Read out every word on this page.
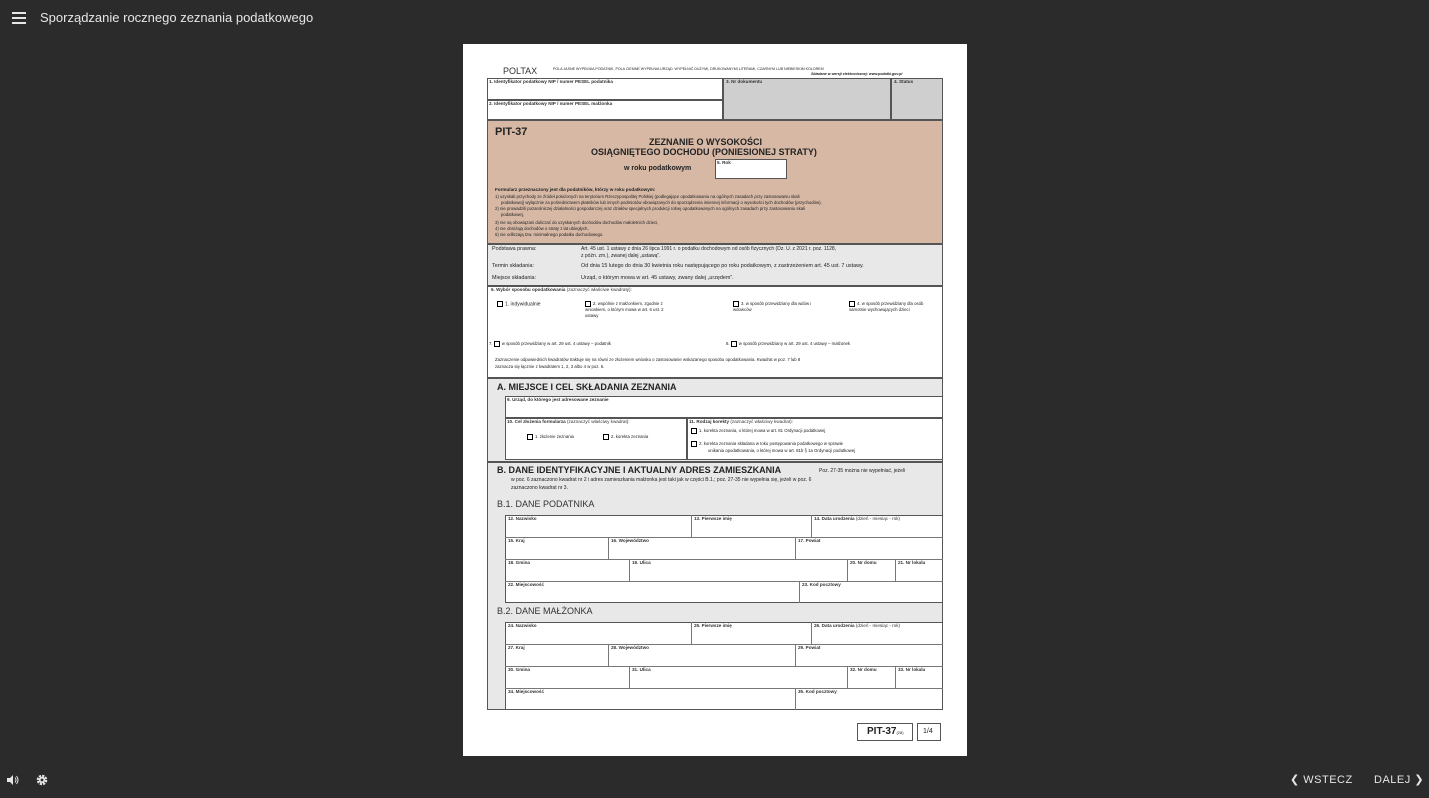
Sporządzanie rocznego zeznania podatkowego
POLTAX	POLA JASNE WYPEŁNIA PODATNIK, POLA CIEMNE WYPEŁNIA URZĄD. WYPEŁNIĆ DUŻYMI, DRUKOWANYMI LITERAMI, CZARNYM LUB NIEBIESKIM KOLOREM
Składane w wersji elektronicznej: www.podatki.gov.pl
1. Identyfikator podatkowy NIP / numer PESEL podatnika
2. Identyfikator podatkowy NIP / numer PESEL małżonka
3. Nr dokumentu	4. Status
PIT-37
ZEZNANIE O WYSOKOŚCI
OSIĄGNIĘTEGO DOCHODU (PONIESIONEJ STRATY)
w roku podatkowym
5. Rok
Formularz przeznaczony jest dla podatników, którzy w roku podatkowym:
1) uzyskali przychody ze źródeł położonych na terytorium Rzeczypospolitej Polskiej (podlegające opodatkowaniu na ogólnych zasadach przy zastosowaniu skali
podatkowej) wyłącznie za pośrednictwem płatników lub innych podmiotów obowiązanych do sporządzenia imiennej informacji o wysokości tych dochodów (przychodów),
2) nie prowadzili pozarolniczej działalności gospodarczej oraz działów specjalnych produkcji rolnej opodatkowanych na ogólnych zasadach przy zastosowaniu skali
podatkowej,
3) nie są obowiązani doliczać do uzyskanych dochodów dochodów małoletnich dzieci,
4) nie obniżają dochodów o straty z lat ubiegłych,
5) nie odliczają tzw. minimalnego podatku dochodowego.
Podstawa prawna:	Art. 45 ust. 1 ustawy z dnia 26 lipca 1991 r. o podatku dochodowym od osób fizycznych (Dz. U. z 2021 r. poz. 1128,
z późn. zm.), zwanej dalej „ustawą”.
Termin składania:	Od dnia 15 lutego do dnia 30 kwietnia roku następującego po roku podatkowym, z zastrzeżeniem art. 45 ust. 7 ustawy.
Miejsce składania:	Urząd, o którym mowa w art. 45 ustawy, zwany dalej „urzędem”.
6. Wybór sposobu opodatkowania (zaznaczyć właściwe kwadraty):
1. indywidualnie	2. wspólnie z małżonkiem, zgodnie z wnioskiem, o którym mowa w art. 6 ust. 2 ustawy
3. w sposób przewidziany dla wdów i wdowców
4. w sposób przewidziany dla osób samotnie wychowujących dzieci
7. w sposób przewidziany w art. 29 ust. 4 ustawy – podatnik	8. w sposób przewidziany w art. 29 ust. 4 ustawy – małżonek
Zaznaczenie odpowiednich kwadratów traktuje się na równi ze złożeniem wniosku o zastosowanie wskazanego sposobu opodatkowania. Kwadrat w poz. 7 lub 8
zaznacza się łącznie z kwadratem 1, 2, 3 albo 4 w poz. 6.
A. MIEJSCE I CEL SKŁADANIA ZEZNANIA
9. Urząd, do którego jest adresowane zeznanie
10. Cel złożenia formularza (zaznaczyć właściwy kwadrat):
1. złożenie zeznania	2. korekta zeznania
11. Rodzaj korekty (zaznaczyć właściwy kwadrat):
1. korekta zeznania, o której mowa w art. 81 Ordynacji podatkowej
2. korekta zeznania składana w toku postępowania podatkowego w sprawie
unikania opodatkowania, o której mowa w art. 81b § 1a Ordynacji podatkowej
B. DANE IDENTYFIKACYJNE I AKTUALNY ADRES ZAMIESZKANIA	Poz. 27-35 można nie wypełniać, jeżeli
w poz. 6 zaznaczono kwadrat nr 2 i adres zamieszkania małżonka jest taki jak w części B.1.; poz. 27-35 nie wypełnia się, jeżeli w poz. 6
zaznaczono kwadrat nr 3.
B.1. DANE PODATNIKA
12. Nazwisko	13. Pierwsze imię	14. Data urodzenia (dzień - miesiąc - rok)
15. Kraj	16. Województwo	17. Powiat
18. Gmina	19. Ulica	20. Nr domu	21. Nr lokalu
22. Miejscowość	23. Kod pocztowy
B.2. DANE MAŁŻONKA
24. Nazwisko	25. Pierwsze imię	26. Data urodzenia (dzień - miesiąc - rok)
27. Kraj	28. Województwo	29. Powiat
30. Gmina	31. Ulica	32. Nr domu	33. Nr lokalu
34. Miejscowość	35. Kod pocztowy
PIT-37(28)	1/4
❮ WSTECZ DALEJ ❯
